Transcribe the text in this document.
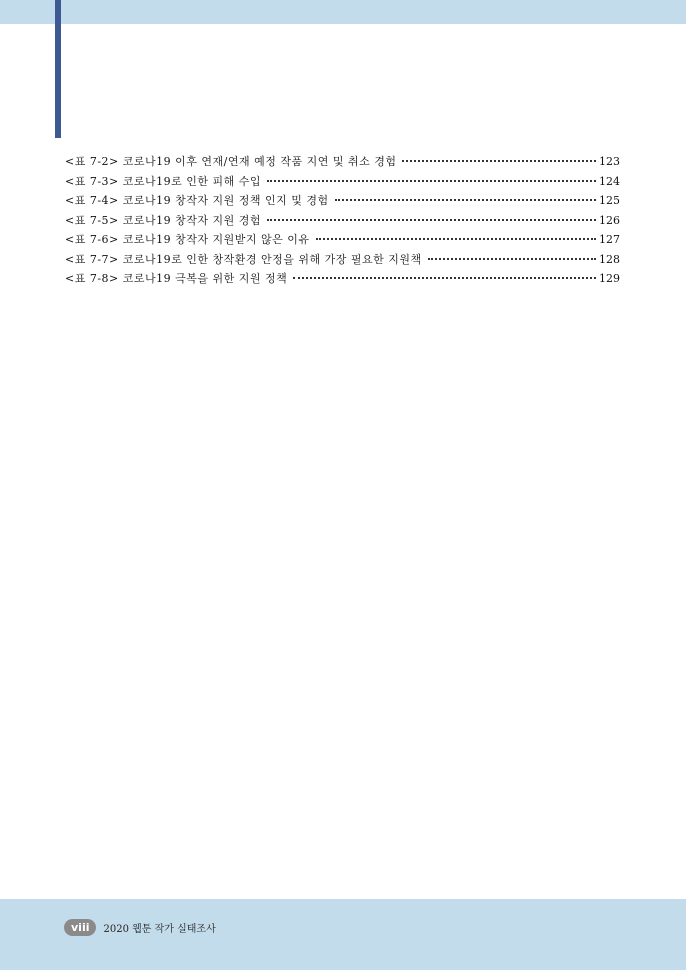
<표 7-2> 코로나19 이후 연재/연재 예정 작품 지연 및 취소 경험	123
<표 7-3> 코로나19로 인한 피해 수입	124
<표 7-4> 코로나19 창작자 지원 정책 인지 및 경험	125
<표 7-5> 코로나19 창작자 지원 경험	126
<표 7-6> 코로나19 창작자 지원받지 않은 이유	127
<표 7-7> 코로나19로 인한 창작환경 안정을 위해 가장 필요한 지원책	128
<표 7-8> 코로나19 극복을 위한 지원 정책	129
viii	2020 웹툰 작가 실태조사
